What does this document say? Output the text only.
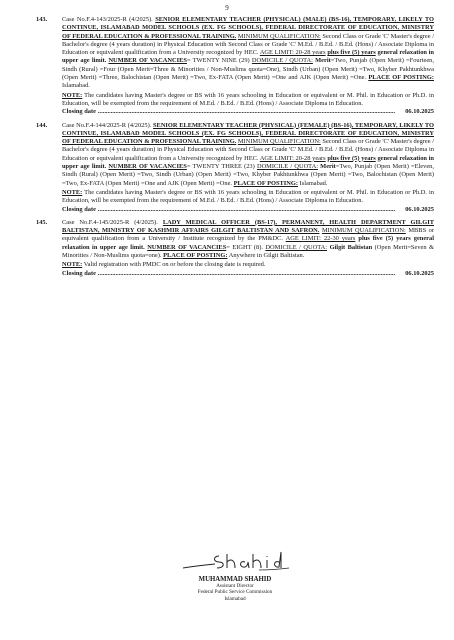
9
143. Case No.F.4-143/2025-R (4/2025). SENIOR ELEMENTARY TEACHER (PHYSICAL) (MALE) (BS-16), TEMPORARY, LIKELY TO CONTINUE, ISLAMABAD MODEL SCHOOLS (EX. FG SCHOOLS), FEDERAL DIRECTORATE OF EDUCATION, MINISTRY OF FEDERAL EDUCATION & PROFESSIONAL TRAINING. MINIMUM QUALIFICATION: Second Class or Grade 'C' Master's degree / Bachelor's degree (4 years duration) in Physical Education with Second Class or Grade 'C' M.Ed. / B.Ed. / B.Ed. (Hons) / Associate Diploma in Education or equivalent qualification from a University recognized by HEC. AGE LIMIT: 20-28 years plus five (5) years general relaxation in upper age limit. NUMBER OF VACANCIES= TWENTY NINE (29) DOMICILE / QUOTA: Merit=Two, Punjab (Open Merit) =Fourteen, Sindh (Rural) =Four (Open Merit=Three & Minorities / Non-Muslims quota=One), Sindh (Urban) (Open Merit) =Two, Khyber Pakhtunkhwa (Open Merit) =Three, Balochistan (Open Merit) =Two, Ex-FATA (Open Merit) =One and AJK (Open Merit) =One. PLACE OF POSTING: Islamabad.

NOTE: The candidates having Master's degree or BS with 16 years schooling in Education or equivalent or M. Phil. in Education or Ph.D. in Education, will be exempted from the requirement of M.Ed. / B.Ed. / B.Ed. (Hons) / Associate Diploma in Education.

Closing date ..........................................................................................................................................................................................	06.10.2025
144. Case No.F.4-144/2025-R (4/2025). SENIOR ELEMENTARY TEACHER (PHYSICAL) (FEMALE) (BS-16), TEMPORARY, LIKELY TO CONTINUE, ISLAMABAD MODEL SCHOOLS (EX. FG SCHOOLS), FEDERAL DIRECTORATE OF EDUCATION, MINISTRY OF FEDERAL EDUCATION & PROFESSIONAL TRAINING. MINIMUM QUALIFICATION: Second Class or Grade 'C' Master's degree / Bachelor's degree (4 years duration) in Physical Education with Second Class or Grade 'C' M.Ed. / B.Ed. / B.Ed. (Hons) / Associate Diploma in Education or equivalent qualification from a University recognized by HEC. AGE LIMIT: 20-28 years plus five (5) years general relaxation in upper age limit. NUMBER OF VACANCIES= TWENTY THREE (23) DOMICILE / QUOTA: Merit=Two, Punjab (Open Merit) =Eleven, Sindh (Rural) (Open Merit) =Two, Sindh (Urban) (Open Merit) =Two, Khyber Pakhtunkhwa (Open Merit) =Two, Balochistan (Open Merit) =Two, Ex-FATA (Open Merit) =One and AJK (Open Merit) =One. PLACE OF POSTING: Islamabad.

NOTE: The candidates having Master's degree or BS with 16 years schooling in Education or equivalent or M. Phil. in Education or Ph.D. in Education, will be exempted from the requirement of M.Ed. / B.Ed. / B.Ed. (Hons) / Associate Diploma in Education.

Closing date ..........................................................................................................................................................................................	06.10.2025
145. Case No.F.4-145/2025-R (4/2025). LADY MEDICAL OFFICER (BS-17), PERMANENT, HEALTH DEPARTMENT GILGIT BALTISTAN, MINISTRY OF KASHMIR AFFAIRS GILGIT BALTISTAN AND SAFRON. MINIMUM QUALIFICATION: MBBS or equivalent qualification from a University / Institute recognized by the PM&DC. AGE LIMIT: 22-30 years plus five (5) years general relaxation in upper age limit. NUMBER OF VACANCIES= EIGHT (8). DOMICILE / QUOTA: Gilgit Baltistan (Open Merit=Seven & Minorities / Non-Muslims quota=one). PLACE OF POSTING: Anywhere in Gilgit Baltistan.

NOTE: Valid registration with PMDC on or before the closing date is required.

Closing date ..........................................................................................................................................................................................	06.10.2025
MUHAMMAD SHAHID
Assistant Director
Federal Public Service Commission
Islamabad
